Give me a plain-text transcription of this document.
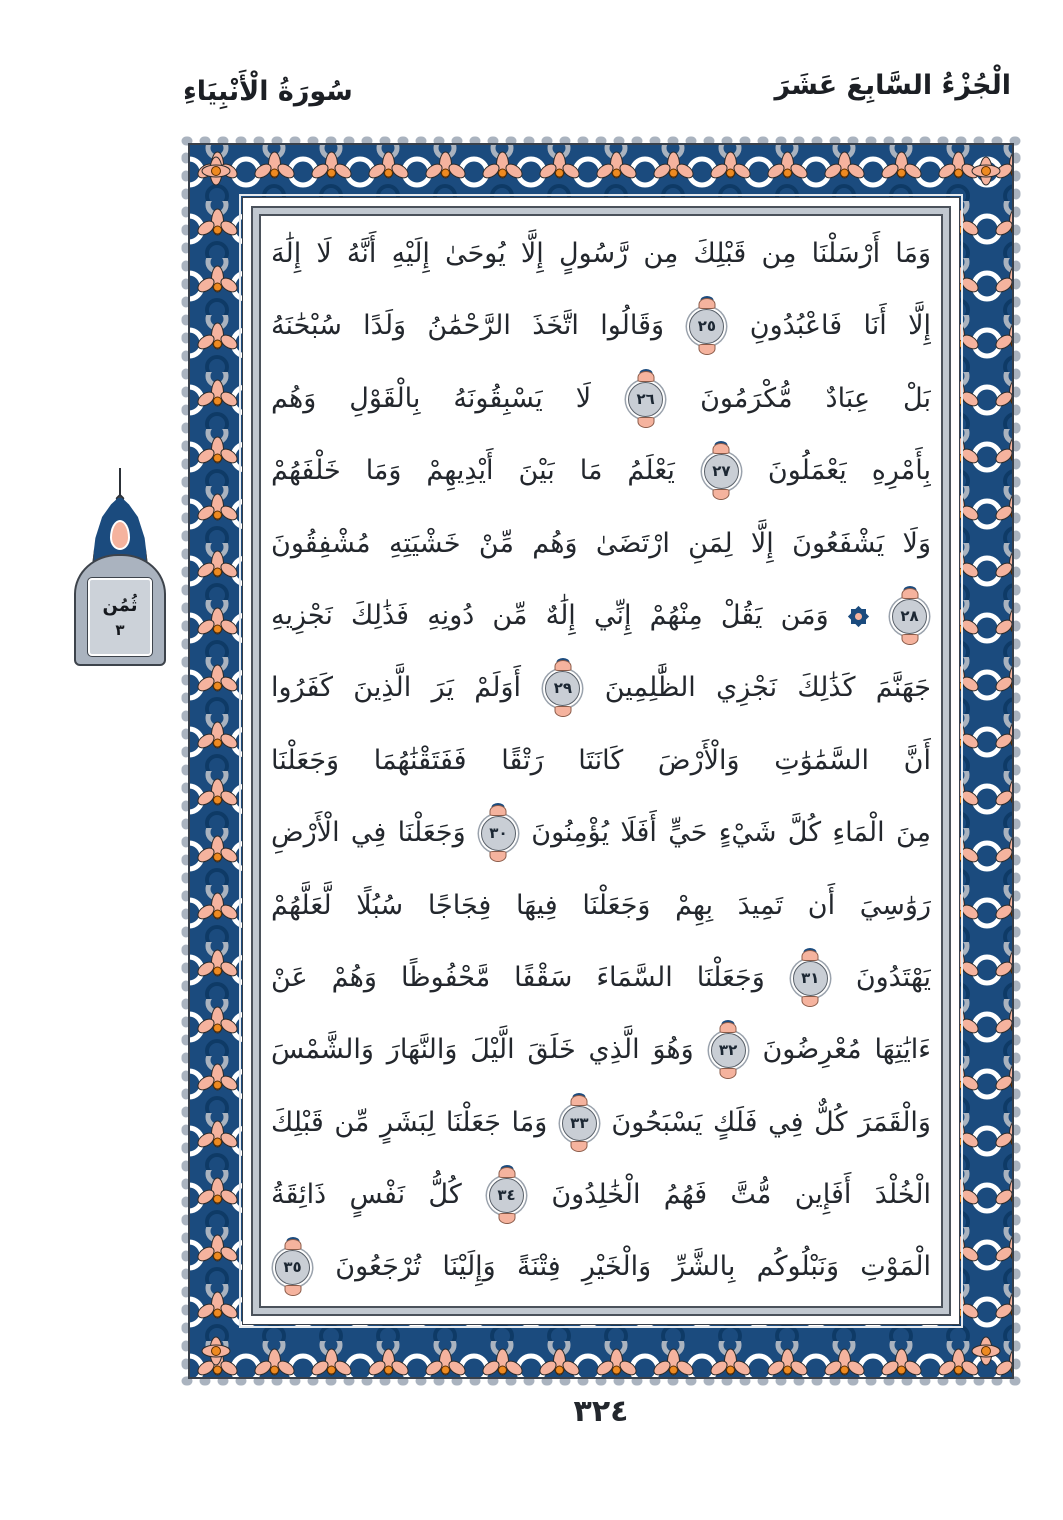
الْجُزْءُ السَّابِعَ عَشَرَ
سُورَةُ الْأَنْبِيَاءِ
وَمَا أَرْسَلْنَا مِن قَبْلِكَ مِن رَّسُولٍ إِلَّا يُوحَىٰ إِلَيْهِ أَنَّهُ لَا إِلَٰهَ
إِلَّا أَنَا فَاعْبُدُونِ
٢٥
وَقَالُوا اتَّخَذَ الرَّحْمَٰنُ وَلَدًا سُبْحَٰنَهُ
بَلْ عِبَادٌ مُّكْرَمُونَ
٢٦
لَا يَسْبِقُونَهُ بِالْقَوْلِ وَهُم
بِأَمْرِهِ يَعْمَلُونَ
٢٧
يَعْلَمُ مَا بَيْنَ أَيْدِيهِمْ وَمَا خَلْفَهُمْ
وَلَا يَشْفَعُونَ إِلَّا لِمَنِ ارْتَضَىٰ وَهُم مِّنْ خَشْيَتِهِ مُشْفِقُونَ
٢٨

وَمَن يَقُلْ مِنْهُمْ إِنِّي إِلَٰهٌ مِّن دُونِهِ فَذَٰلِكَ نَجْزِيهِ
جَهَنَّمَ كَذَٰلِكَ نَجْزِي الظَّٰلِمِينَ
٢٩
أَوَلَمْ يَرَ الَّذِينَ كَفَرُوا
أَنَّ السَّمَٰوَٰتِ وَالْأَرْضَ كَانَتَا رَتْقًا فَفَتَقْنَٰهُمَا وَجَعَلْنَا
مِنَ الْمَاءِ كُلَّ شَيْءٍ حَيٍّ أَفَلَا يُؤْمِنُونَ
٣٠
وَجَعَلْنَا فِي الْأَرْضِ
رَوَٰسِيَ أَن تَمِيدَ بِهِمْ وَجَعَلْنَا فِيهَا فِجَاجًا سُبُلًا لَّعَلَّهُمْ
يَهْتَدُونَ
٣١
وَجَعَلْنَا السَّمَاءَ سَقْفًا مَّحْفُوظًا وَهُمْ عَنْ
ءَايَٰتِهَا مُعْرِضُونَ
٣٢
وَهُوَ الَّذِي خَلَقَ الَّيْلَ وَالنَّهَارَ وَالشَّمْسَ
وَالْقَمَرَ كُلٌّ فِي فَلَكٍ يَسْبَحُونَ
٣٣
وَمَا جَعَلْنَا لِبَشَرٍ مِّن قَبْلِكَ
الْخُلْدَ أَفَإِين مُّتَّ فَهُمُ الْخَٰلِدُونَ
٣٤
كُلُّ نَفْسٍ ذَائِقَةُ
الْمَوْتِ وَنَبْلُوكُم بِالشَّرِّ وَالْخَيْرِ فِتْنَةً وَإِلَيْنَا تُرْجَعُونَ
٣٥
ثُمُن
٣
٣٢٤
